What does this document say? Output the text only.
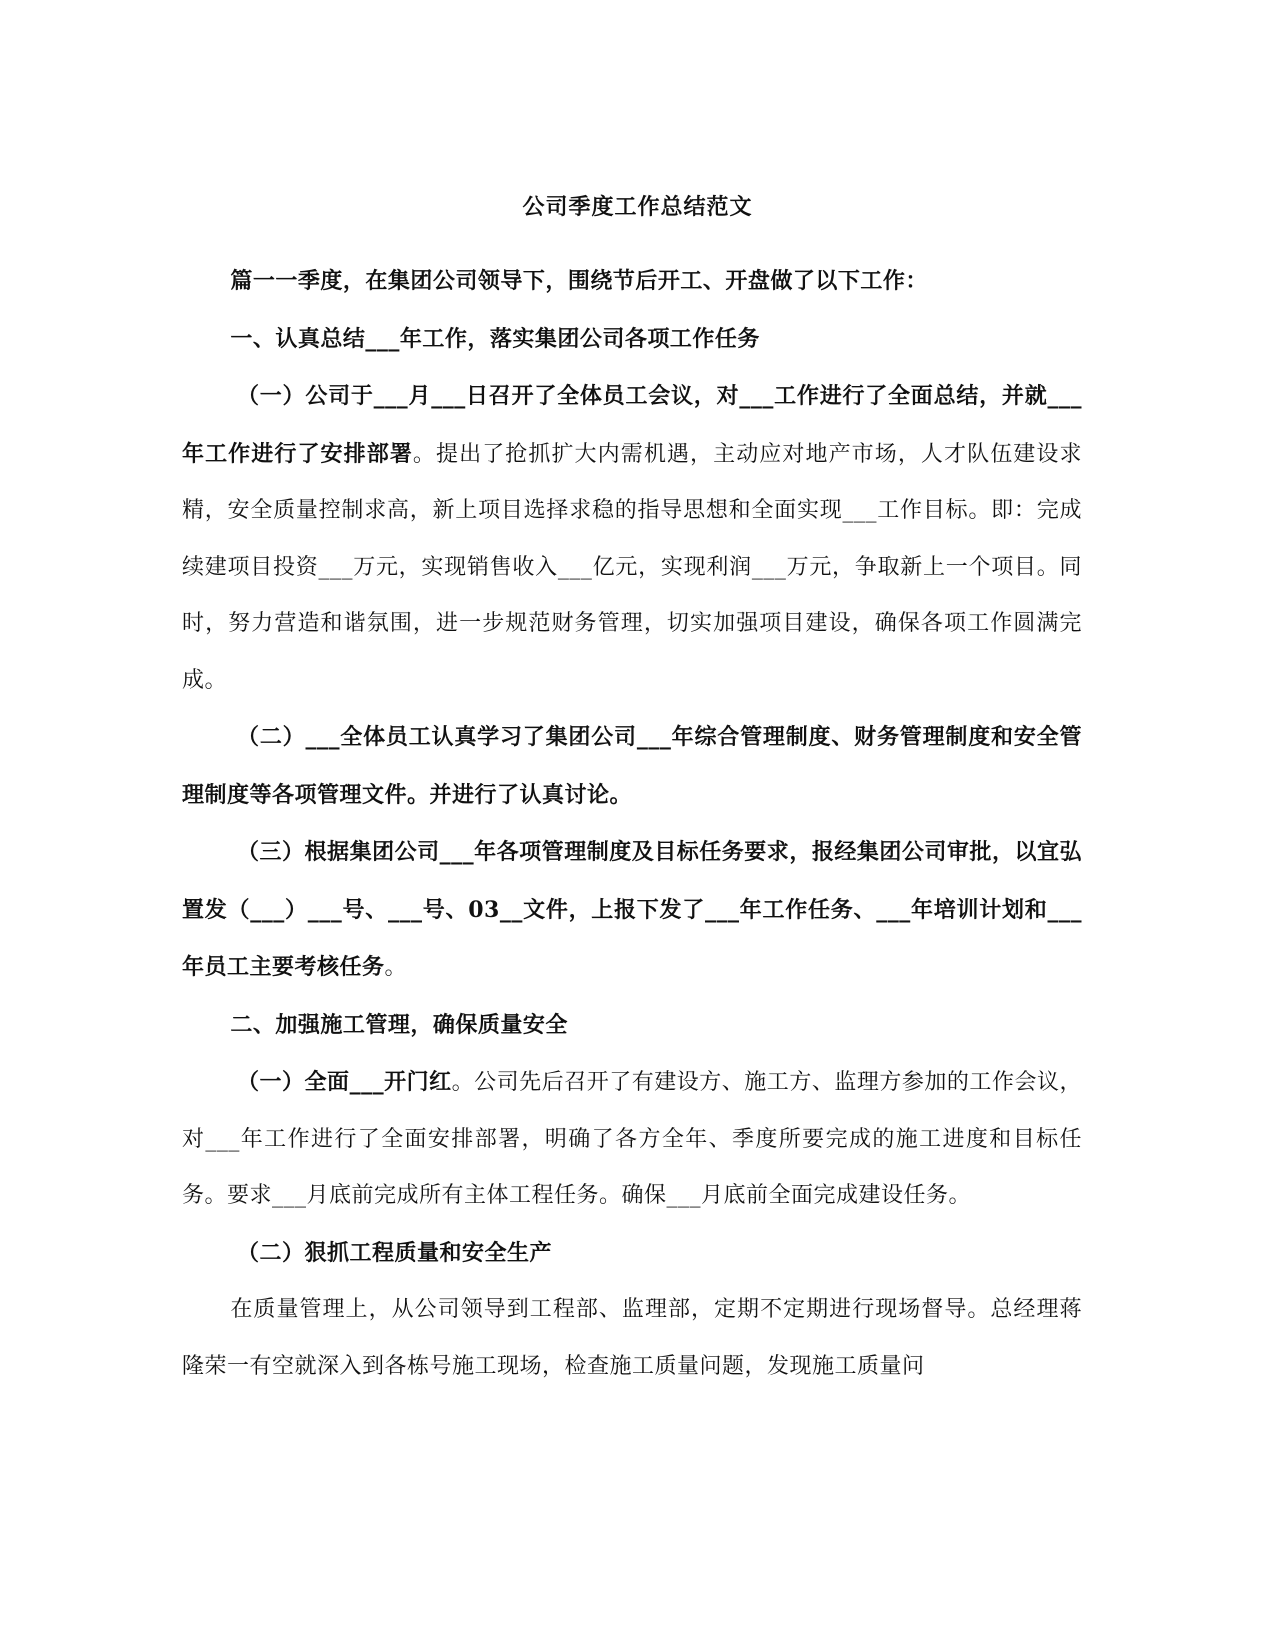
公司季度工作总结范文

篇一一季度，在集团公司领导下，围绕节后开工、开盘做了以下工作：

一、认真总结___年工作，落实集团公司各项工作任务

（一）公司于___月___日召开了全体员工会议，对___工作进行了全面总结，并就___年工作进行了安排部署。提出了抢抓扩大内需机遇，主动应对地产市场，人才队伍建设求精，安全质量控制求高，新上项目选择求稳的指导思想和全面实现___工作目标。即：完成续建项目投资___万元，实现销售收入___亿元，实现利润___万元，争取新上一个项目。同时，努力营造和谐氛围，进一步规范财务管理，切实加强项目建设，确保各项工作圆满完成。

（二）___全体员工认真学习了集团公司___年综合管理制度、财务管理制度和安全管理制度等各项管理文件。并进行了认真讨论。

（三）根据集团公司___年各项管理制度及目标任务要求，报经集团公司审批，以宜弘置发（___）___号、___号、03__文件，上报下发了___年工作任务、___年培训计划和___年员工主要考核任务。

二、加强施工管理，确保质量安全

（一）全面___开门红。公司先后召开了有建设方、施工方、监理方参加的工作会议，对___年工作进行了全面安排部署，明确了各方全年、季度所要完成的施工进度和目标任务。要求___月底前完成所有主体工程任务。确保___月底前全面完成建设任务。

（二）狠抓工程质量和安全生产

在质量管理上，从公司领导到工程部、监理部，定期不定期进行现场督导。总经理蒋隆荣一有空就深入到各栋号施工现场，检查施工质量问题，发现施工质量问
